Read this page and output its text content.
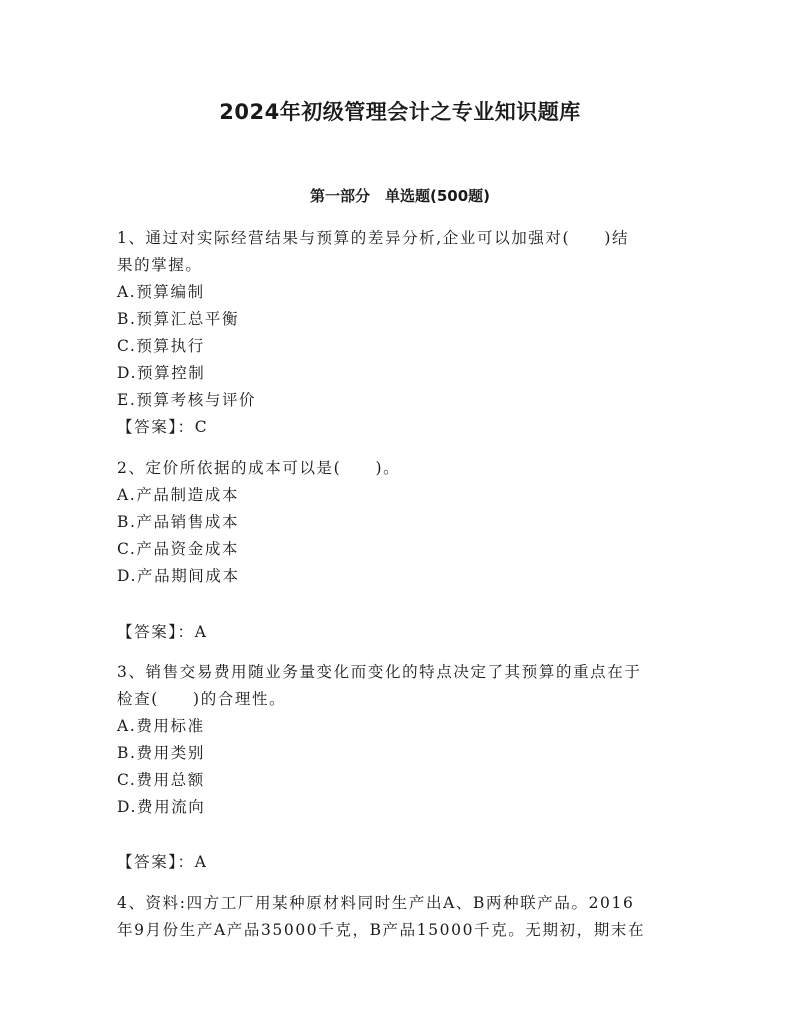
2024年初级管理会计之专业知识题库
第一部分　单选题(500题)
1、通过对实际经营结果与预算的差异分析,企业可以加强对(　　)结
果的掌握。
A.预算编制
B.预算汇总平衡
C.预算执行
D.预算控制
E.预算考核与评价
【答案】：C
2、定价所依据的成本可以是(　　)。
A.产品制造成本
B.产品销售成本
C.产品资金成本
D.产品期间成本
【答案】：A
3、销售交易费用随业务量变化而变化的特点决定了其预算的重点在于
检查(　　)的合理性。
A.费用标准
B.费用类别
C.费用总额
D.费用流向
【答案】：A
4、资料:四方工厂用某种原材料同时生产出A、B两种联产品。2016
年9月份生产A产品35000千克，B产品15000千克。无期初，期末在
